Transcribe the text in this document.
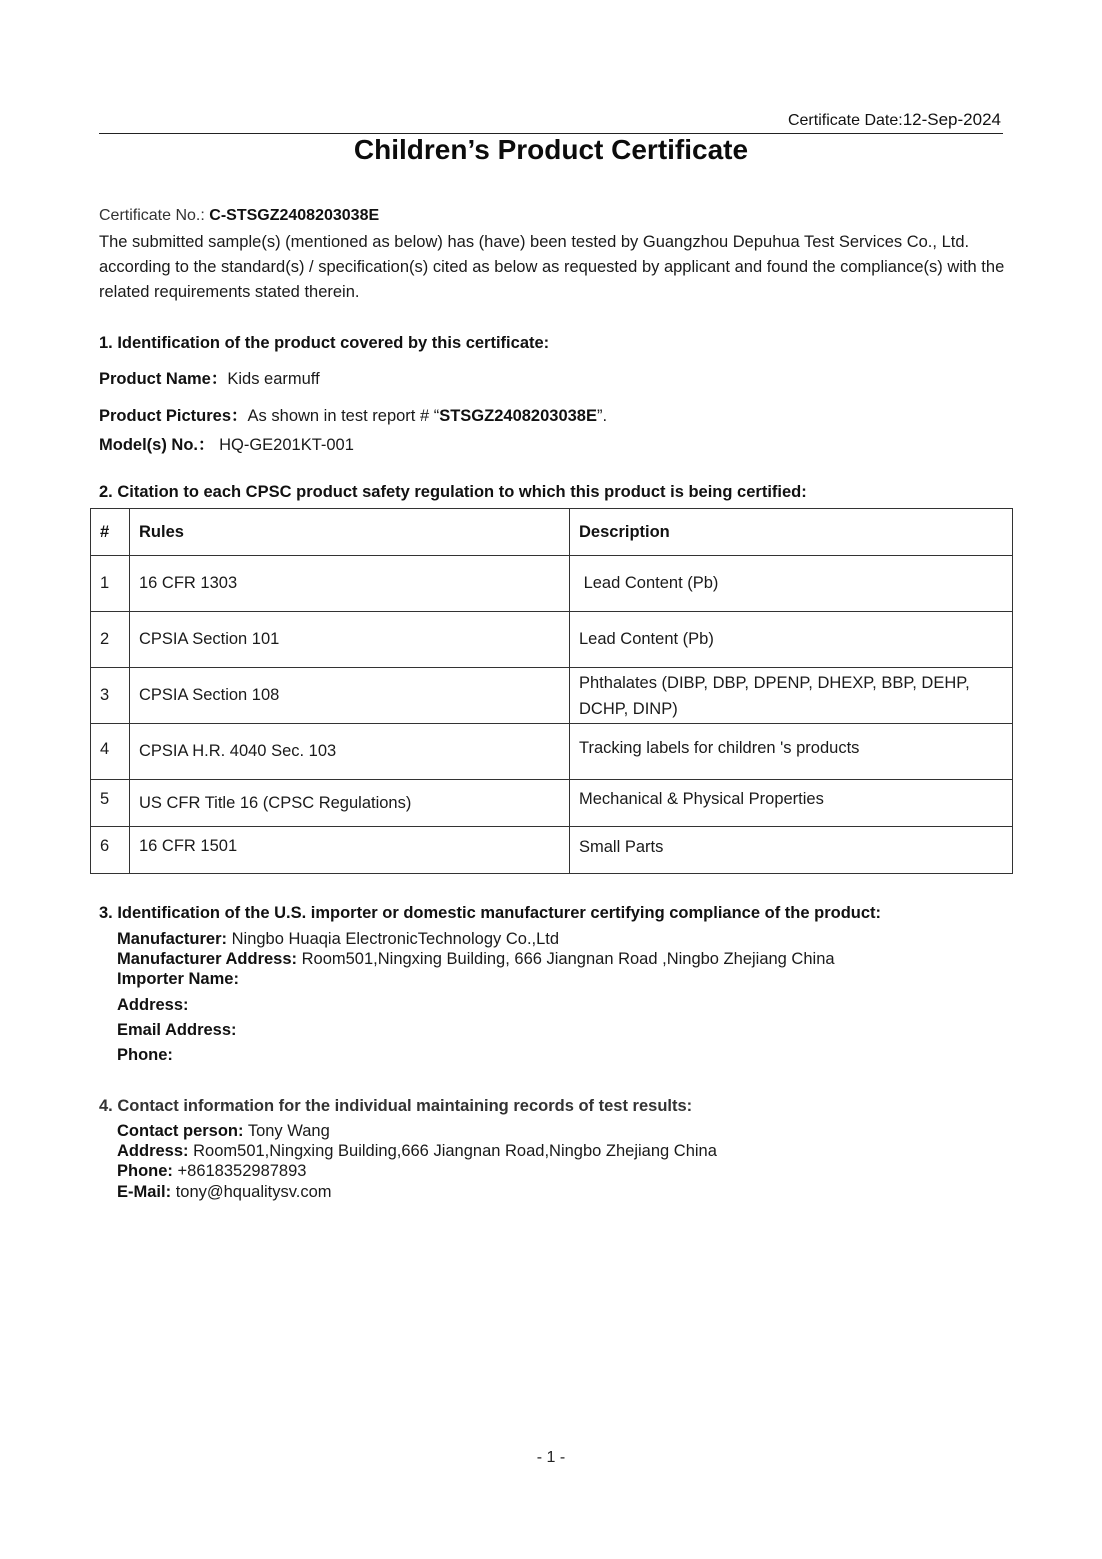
Certificate Date:12-Sep-2024
Children’s Product Certificate
Certificate No.: C-STSGZ2408203038E
The submitted sample(s) (mentioned as below) has (have) been tested by Guangzhou Depuhua Test Services Co., Ltd. according to the standard(s) / specification(s) cited as below as requested by applicant and found the compliance(s) with the related requirements stated therein.
1. Identification of the product covered by this certificate:
Product Name：Kids earmuff
Product Pictures：As shown in test report # “STSGZ2408203038E”.
Model(s) No.： HQ-GE201KT-001
2. Citation to each CPSC product safety regulation to which this product is being certified:
#	Rules	Description
1	16 CFR 1303	Lead Content (Pb)
2	CPSIA Section 101	Lead Content (Pb)
3	CPSIA Section 108	Phthalates (DIBP, DBP, DPENP, DHEXP, BBP, DEHP, DCHP, DINP)
4	CPSIA H.R. 4040 Sec. 103	Tracking labels for children 's products
5	US CFR Title 16 (CPSC Regulations)	Mechanical & Physical Properties
6	16 CFR 1501	Small Parts
3. Identification of the U.S. importer or domestic manufacturer certifying compliance of the product:
Manufacturer: Ningbo Huaqia ElectronicTechnology Co.,Ltd
Manufacturer Address: Room501,Ningxing Building, 666 Jiangnan Road ,Ningbo Zhejiang China
Importer Name:
Address:
Email Address:
Phone:
4. Contact information for the individual maintaining records of test results:
Contact person: Tony Wang
Address: Room501,Ningxing Building,666 Jiangnan Road,Ningbo Zhejiang China
Phone: +8618352987893
E-Mail: tony@hqualitysv.com
- 1 -
